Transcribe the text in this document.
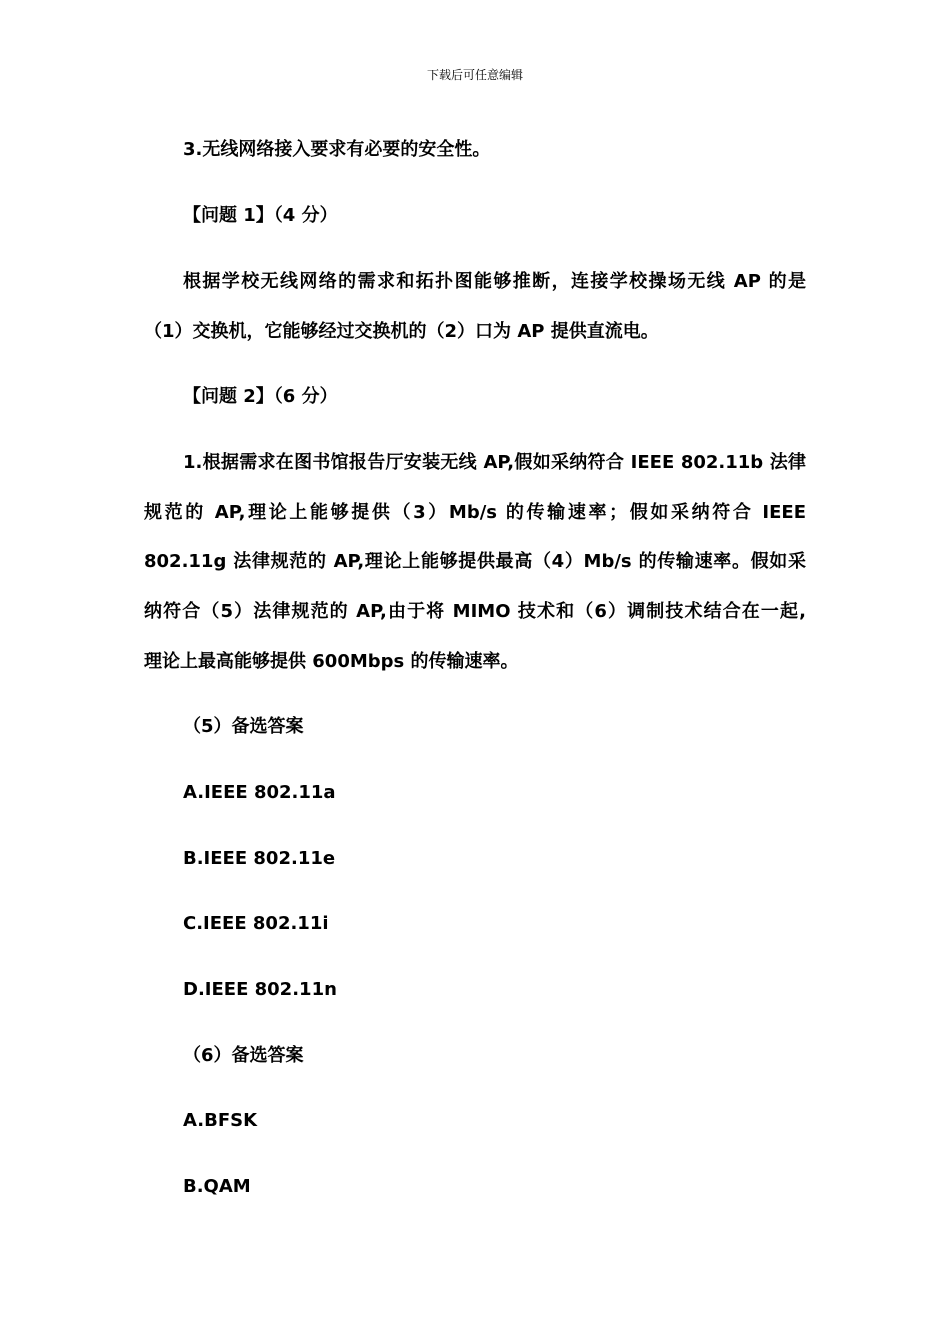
下载后可任意编辑
3.无线网络接入要求有必要的安全性。
【问题 1】（4 分）
根据学校无线网络的需求和拓扑图能够推断，连接学校操场无线 AP 的是
（1）交换机，它能够经过交换机的（2）口为 AP 提供直流电。
【问题 2】（6 分）
1.根据需求在图书馆报告厅安装无线 AP,假如采纳符合 IEEE 802.11b 法律
规范的 AP,理论上能够提供（3）Mb/s 的传输速率；假如采纳符合 IEEE
802.11g 法律规范的 AP,理论上能够提供最高（4）Mb/s 的传输速率。假如采
纳符合（5）法律规范的 AP,由于将 MIMO 技术和（6）调制技术结合在一起,
理论上最高能够提供 600Mbps 的传输速率。
（5）备选答案
A.IEEE 802.11a
B.IEEE 802.11e
C.IEEE 802.11i
D.IEEE 802.11n
（6）备选答案
A.BFSK
B.QAM
